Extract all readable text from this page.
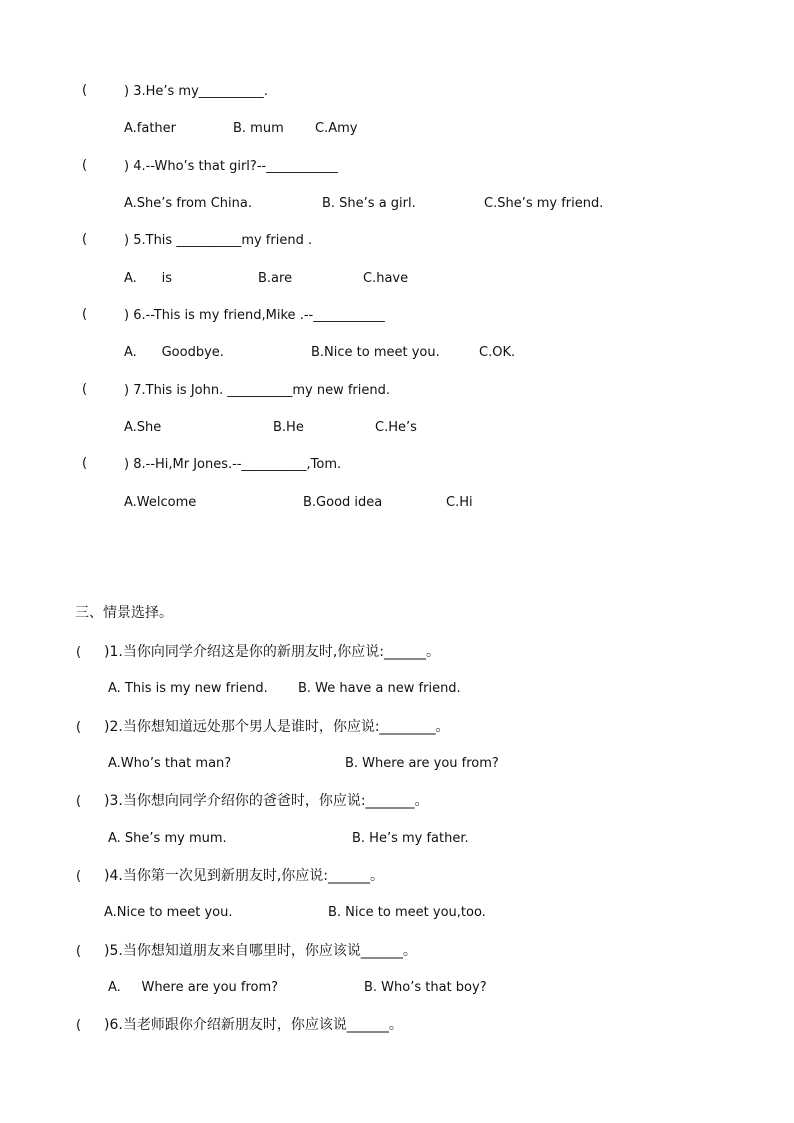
(	) 3.He’s my__________.
A.father	B. mum C.Amy
(	) 4.--Who’s that girl?--___________
A.She’s from China.	B. She’s a girl.	C.She’s my friend.
(	) 5.This __________my friend .
A.      is	B.are	C.have
(	) 6.--This is my friend,Mike .--___________
A.      Goodbye.	B.Nice to meet you.	C.OK.
(	) 7.This is John. __________my new friend.
A.She	B.He	C.He’s
(	) 8.--Hi,Mr Jones.--__________,Tom.
A.Welcome	B.Good idea	C.Hi
三、情景选择。
( )1.当你向同学介绍这是你的新朋友时,你应说:______。
A. This is my new friend. B. We have a new friend.
( )2.当你想知道远处那个男人是谁时，你应说:________。
A.Who’s that man?	B. Where are you from?
( )3.当你想向同学介绍你的爸爸时，你应说:_______。
A. She’s my mum.	B. He’s my father.
( )4.当你第一次见到新朋友时,你应说:______。
A.Nice to meet you.	B. Nice to meet you,too.
( )5.当你想知道朋友来自哪里时，你应该说______。
A.     Where are you from?	B. Who’s that boy?
( )6.当老师跟你介绍新朋友时，你应该说______。
